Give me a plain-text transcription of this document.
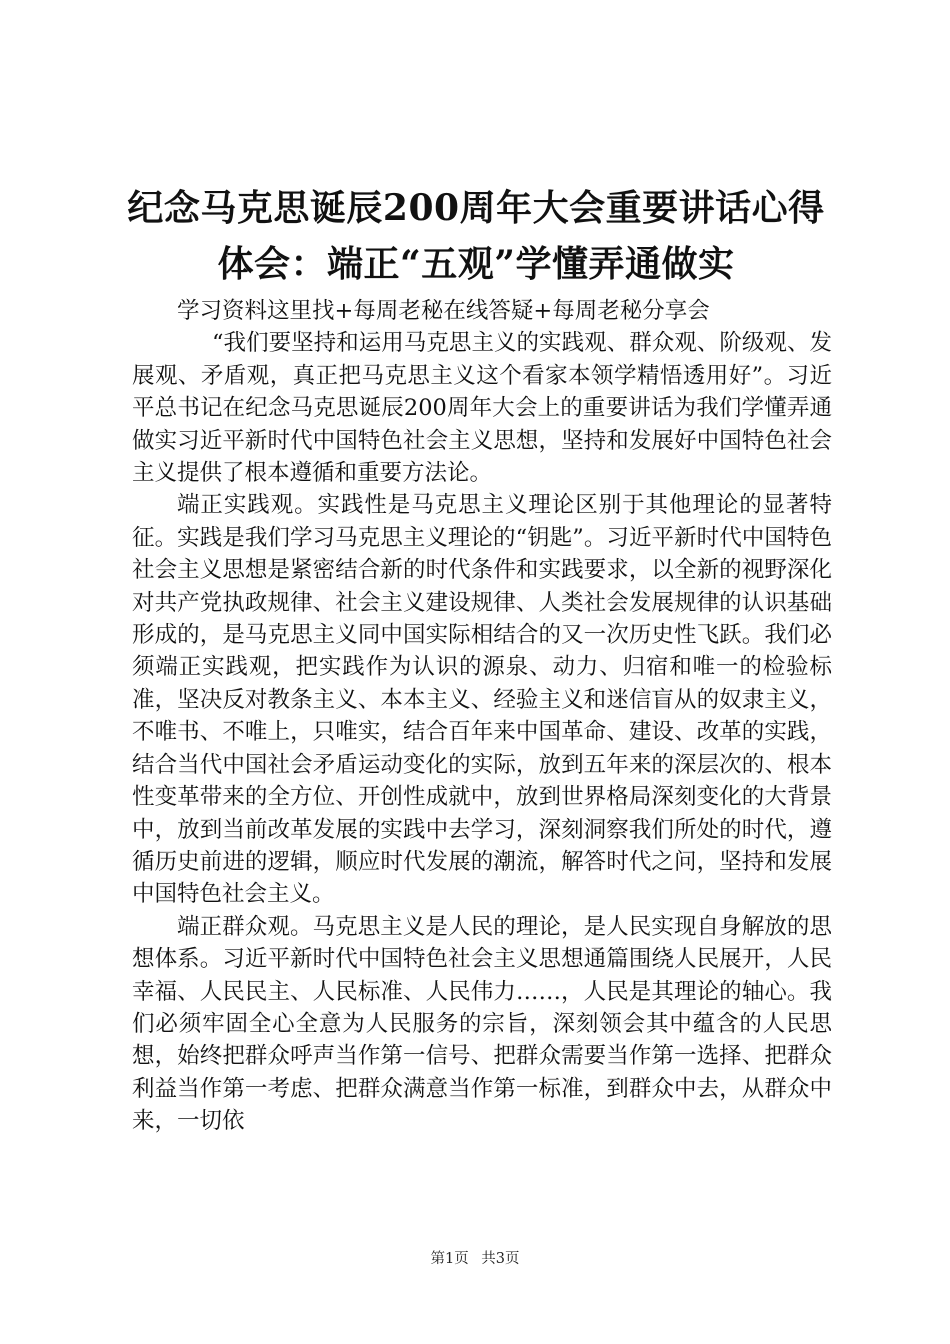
纪念马克思诞辰200周年大会重要讲话心得体会：端正“五观”学懂弄通做实

学习资料这里找+每周老秘在线答疑+每周老秘分享会

“我们要坚持和运用马克思主义的实践观、群众观、阶级观、发展观、矛盾观，真正把马克思主义这个看家本领学精悟透用好”。习近平总书记在纪念马克思诞辰200周年大会上的重要讲话为我们学懂弄通做实习近平新时代中国特色社会主义思想，坚持和发展好中国特色社会主义提供了根本遵循和重要方法论。

端正实践观。实践性是马克思主义理论区别于其他理论的显著特征。实践是我们学习马克思主义理论的“钥匙”。习近平新时代中国特色社会主义思想是紧密结合新的时代条件和实践要求，以全新的视野深化对共产党执政规律、社会主义建设规律、人类社会发展规律的认识基础形成的，是马克思主义同中国实际相结合的又一次历史性飞跃。我们必须端正实践观，把实践作为认识的源泉、动力、归宿和唯一的检验标准，坚决反对教条主义、本本主义、经验主义和迷信盲从的奴隶主义，不唯书、不唯上，只唯实，结合百年来中国革命、建设、改革的实践，结合当代中国社会矛盾运动变化的实际，放到五年来的深层次的、根本性变革带来的全方位、开创性成就中，放到世界格局深刻变化的大背景中，放到当前改革发展的实践中去学习，深刻洞察我们所处的时代，遵循历史前进的逻辑，顺应时代发展的潮流，解答时代之问，坚持和发展中国特色社会主义。

端正群众观。马克思主义是人民的理论，是人民实现自身解放的思想体系。习近平新时代中国特色社会主义思想通篇围绕人民展开，人民幸福、人民民主、人民标准、人民伟力……，人民是其理论的轴心。我们必须牢固全心全意为人民服务的宗旨，深刻领会其中蕴含的人民思想，始终把群众呼声当作第一信号、把群众需要当作第一选择、把群众利益当作第一考虑、把群众满意当作第一标准，到群众中去，从群众中来，一切依

第1页 共3页
